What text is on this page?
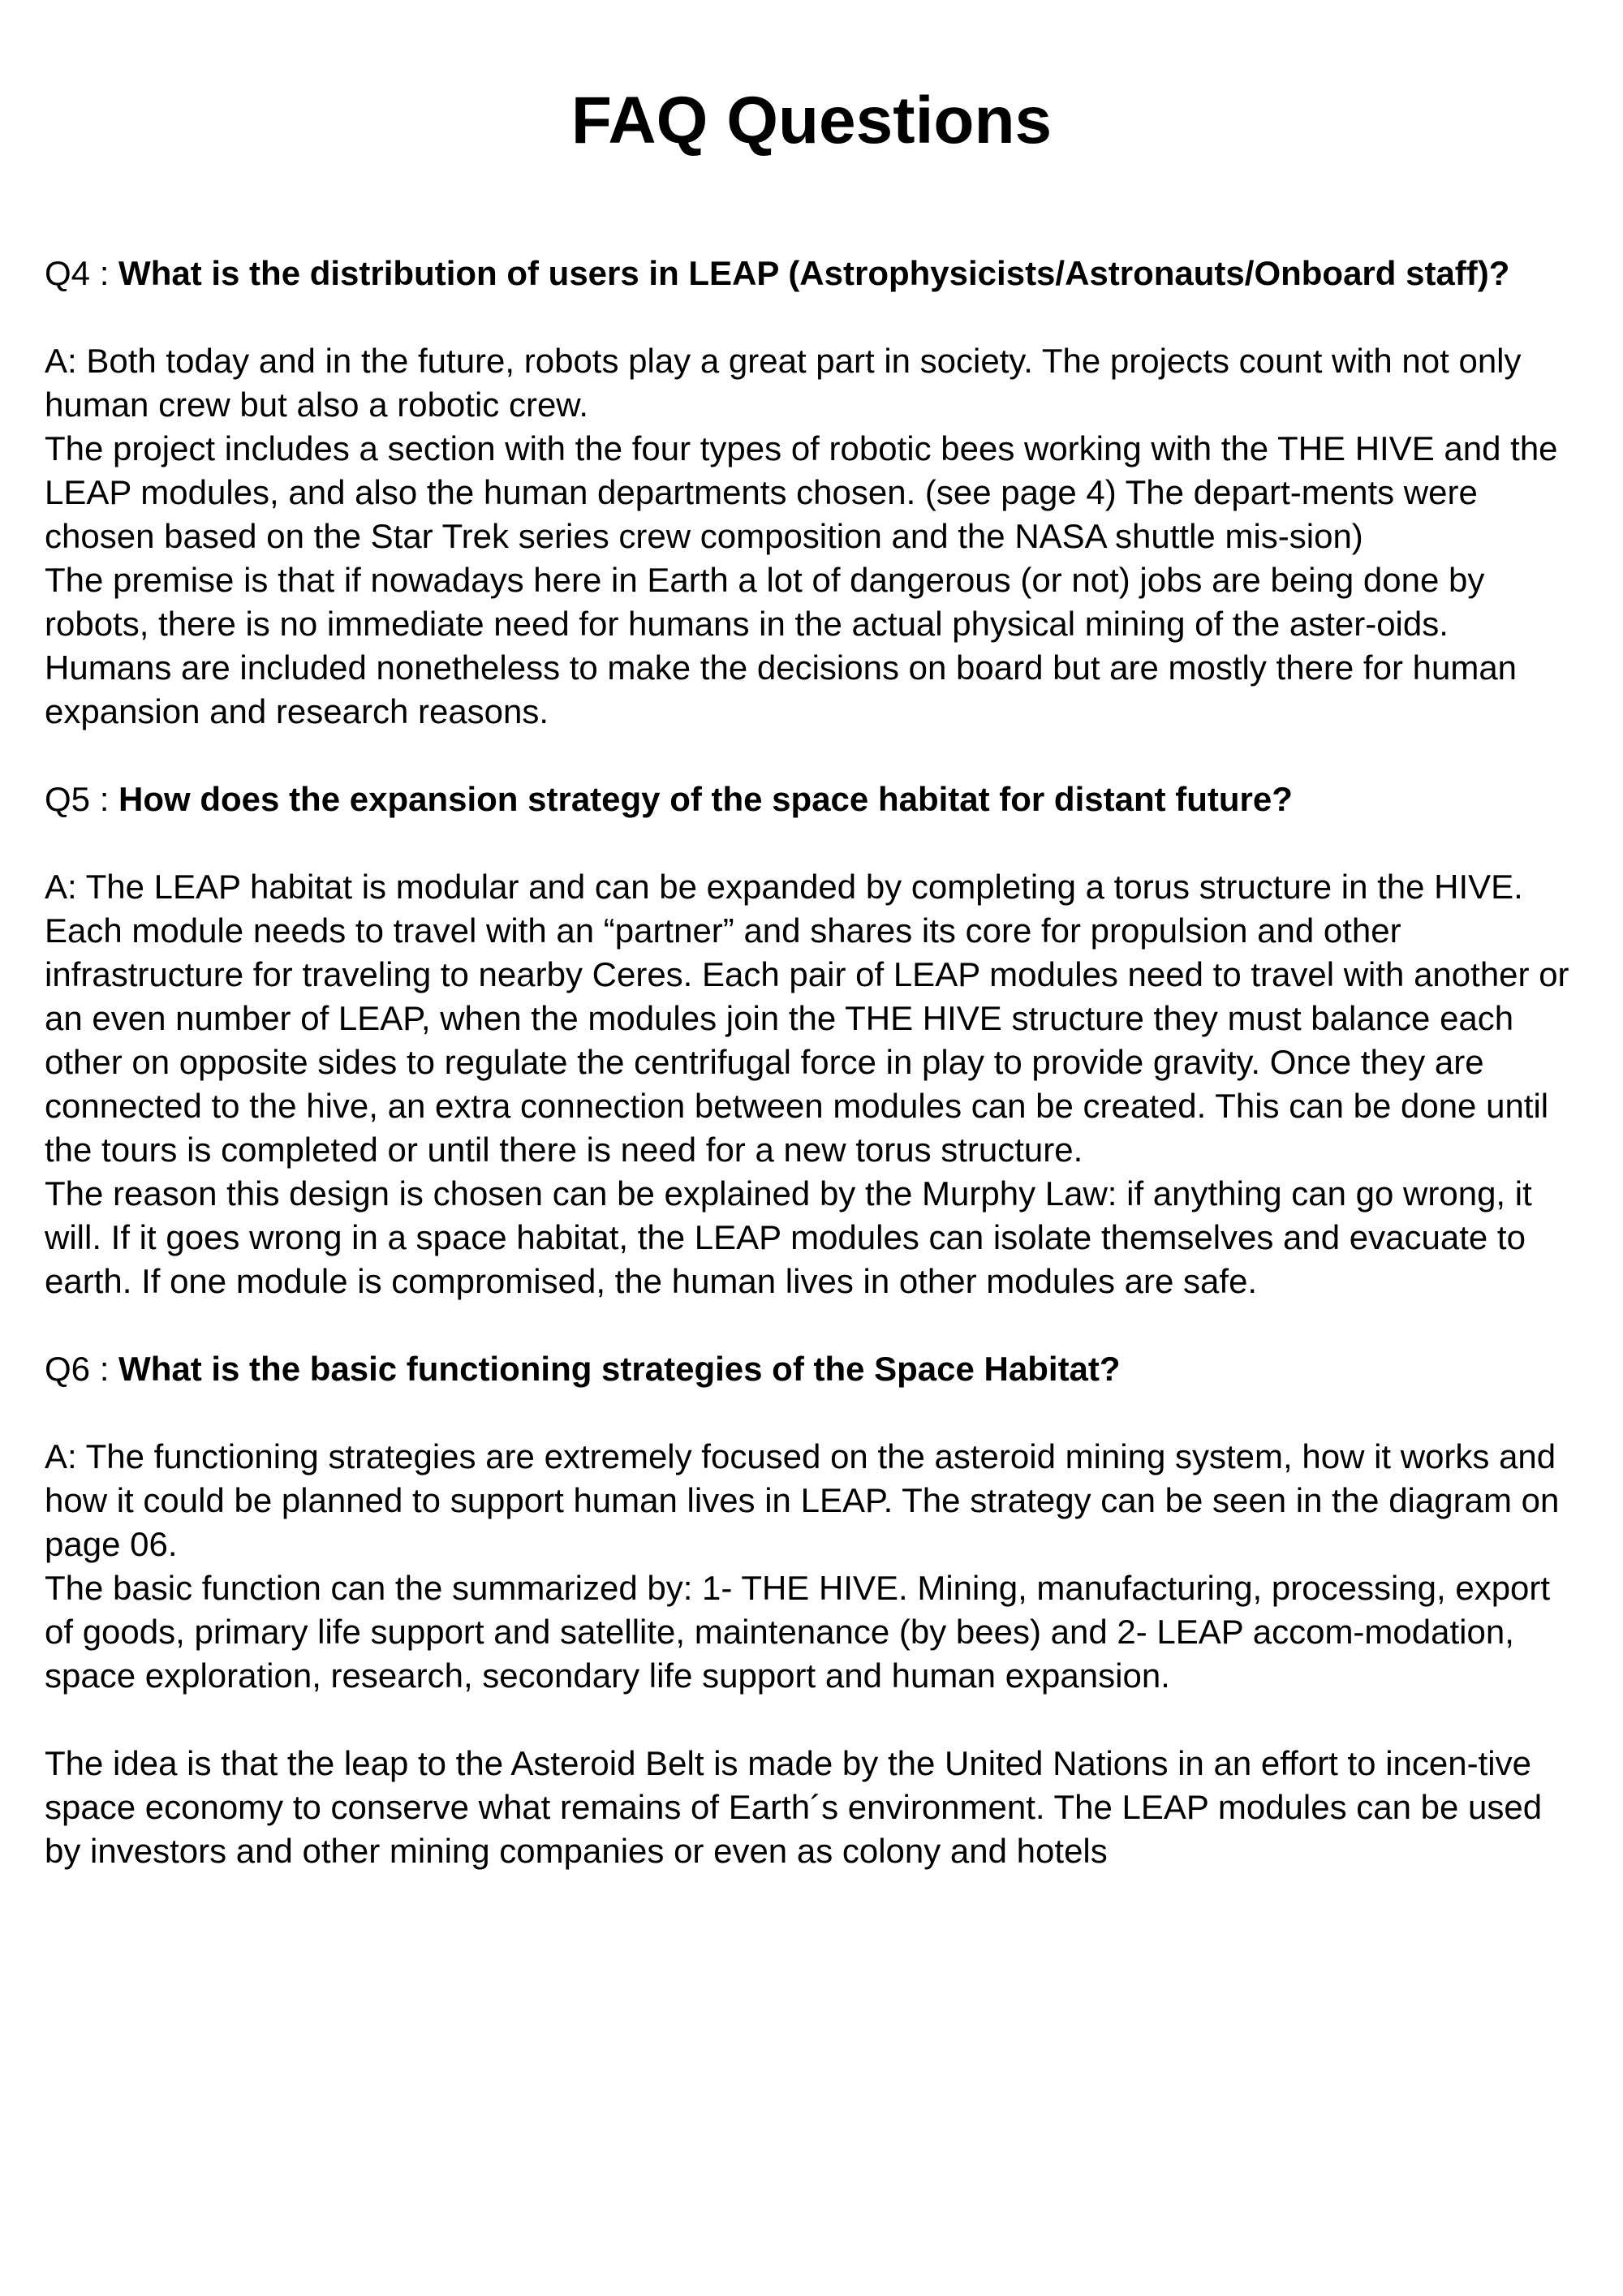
FAQ Questions

Q4 : What is the distribution of users in LEAP (Astrophysicists/Astronauts/Onboard staff)?

A: Both today and in the future, robots play a great part in society. The projects count with not only human crew but also a robotic crew.

The project includes a section with the four types of robotic bees working with the THE HIVE and the LEAP modules, and also the human departments chosen. (see page 4) The depart-ments were chosen based on the Star Trek series crew composition and the NASA shuttle mis-sion)

The premise is that if nowadays here in Earth a lot of dangerous (or not) jobs are being done by robots, there is no immediate need for humans in the actual physical mining of the aster-oids. Humans are included nonetheless to make the decisions on board but are mostly there for human expansion and research reasons.

Q5 : How does the expansion strategy of the space habitat for distant future?

A: The LEAP habitat is modular and can be expanded by completing a torus structure in the HIVE. Each module needs to travel with an “partner” and shares its core for propulsion and other infrastructure for traveling to nearby Ceres. Each pair of LEAP modules need to travel with another or an even number of LEAP, when the modules join the THE HIVE structure they must balance each other on opposite sides to regulate the centrifugal force in play to provide gravity. Once they are connected to the hive, an extra connection between modules can be created. This can be done until the tours is completed or until there is need for a new torus structure.

The reason this design is chosen can be explained by the Murphy Law: if anything can go wrong, it will. If it goes wrong in a space habitat, the LEAP modules can isolate themselves and evacuate to earth. If one module is compromised, the human lives in other modules are safe.

Q6 : What is the basic functioning strategies of the Space Habitat?

A: The functioning strategies are extremely focused on the asteroid mining system, how it works and how it could be planned to support human lives in LEAP. The strategy can be seen in the diagram on page 06.

The basic function can the summarized by: 1- THE HIVE. Mining, manufacturing, processing, export of goods, primary life support and satellite, maintenance (by bees) and 2- LEAP accom-modation, space exploration, research, secondary life support and human expansion.

The idea is that the leap to the Asteroid Belt is made by the United Nations in an effort to incen-tive space economy to conserve what remains of Earth´s environment. The LEAP modules can be used by investors and other mining companies or even as colony and hotels
